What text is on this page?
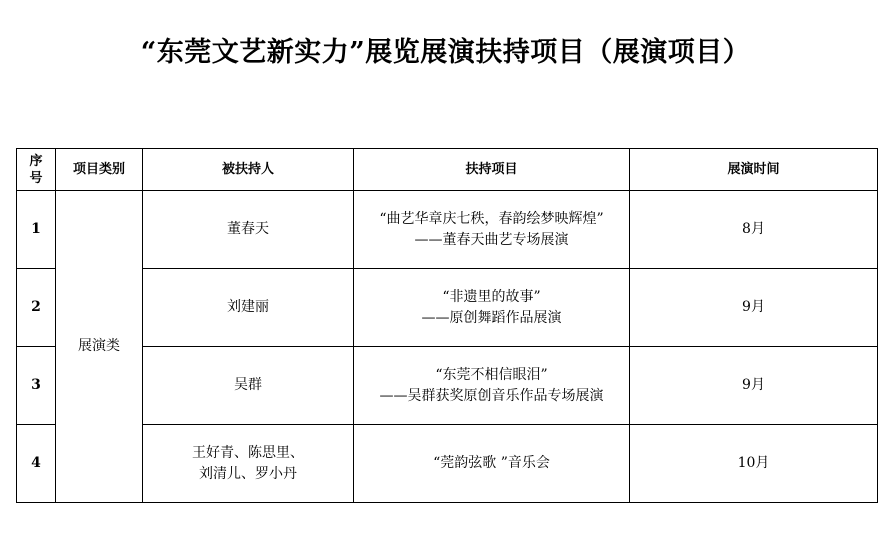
“东莞文艺新实力”展览展演扶持项目（展演项目）
序
号	项目类别	被扶持人	扶持项目	展演时间
1	展演类	董春天	“曲艺华章庆七秩，春韵绘梦映辉煌”
——董春天曲艺专场展演	8月
2		刘建丽	“非遗里的故事”
——原创舞蹈作品展演	9月
3		吴群	“东莞不相信眼泪”
——吴群获奖原创音乐作品专场展演	9月
4		王好青、陈思里、
刘清儿、罗小丹	“莞韵弦歌 ”音乐会	10月
